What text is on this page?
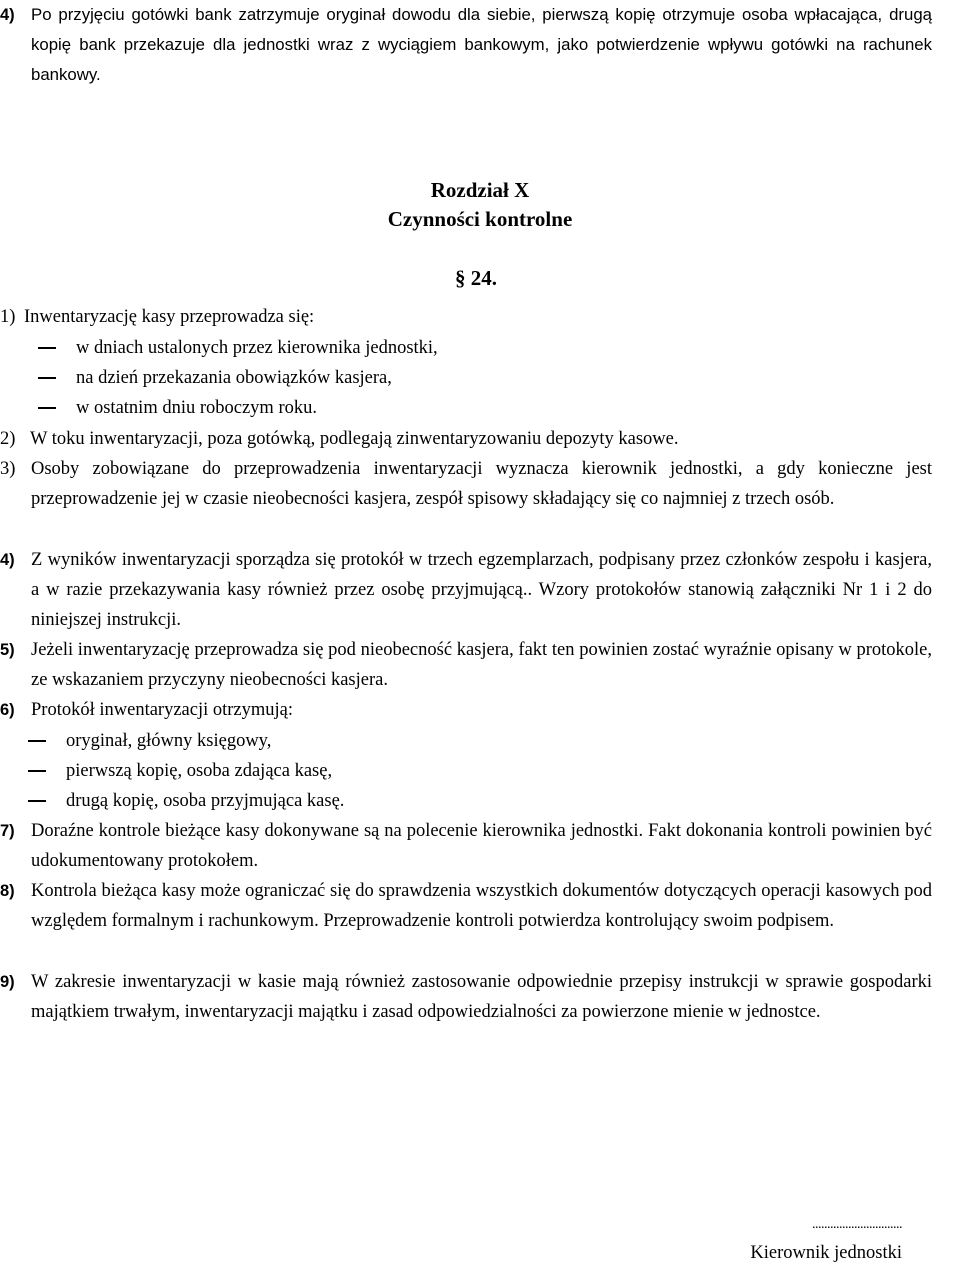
4) Po przyjęciu gotówki bank zatrzymuje oryginał dowodu dla siebie, pierwszą kopię otrzymuje osoba wpłacająca, drugą kopię bank przekazuje dla jednostki wraz z wyciągiem bankowym, jako potwierdzenie wpływu gotówki na rachunek bankowy.
Rozdział X
Czynności kontrolne
§ 24.
1) Inwentaryzację kasy przeprowadza się:
w dniach ustalonych przez kierownika jednostki,
na dzień przekazania obowiązków kasjera,
w ostatnim dniu roboczym roku.
2) W toku inwentaryzacji, poza gotówką, podlegają zinwentaryzowaniu depozyty kasowe.
3) Osoby zobowiązane do przeprowadzenia inwentaryzacji wyznacza kierownik jednostki, a gdy konieczne jest przeprowadzenie jej w czasie nieobecności kasjera, zespół spisowy składający się co najmniej z trzech osób.
4) Z wyników inwentaryzacji sporządza się protokół w trzech egzemplarzach, podpisany przez członków zespołu i kasjera, a w razie przekazywania kasy również przez osobę przyjmującą.. Wzory protokołów stanowią załączniki Nr 1 i 2 do niniejszej instrukcji.
5) Jeżeli inwentaryzację przeprowadza się pod nieobecność kasjera, fakt ten powinien zostać wyraźnie opisany w protokole, ze wskazaniem przyczyny nieobecności kasjera.
6) Protokół inwentaryzacji otrzymują:
oryginał, główny księgowy,
pierwszą kopię, osoba zdająca kasę,
drugą kopię, osoba przyjmująca kasę.
7) Doraźne kontrole bieżące kasy dokonywane są na polecenie kierownika jednostki. Fakt dokonania kontroli powinien być udokumentowany protokołem.
8) Kontrola bieżąca kasy może ograniczać się do sprawdzenia wszystkich dokumentów dotyczących operacji kasowych pod względem formalnym i rachunkowym. Przeprowadzenie kontroli potwierdza kontrolujący swoim podpisem.
9) W zakresie inwentaryzacji w kasie mają również zastosowanie odpowiednie przepisy instrukcji w sprawie gospodarki majątkiem trwałym, inwentaryzacji majątku i zasad odpowiedzialności za powierzone mienie w jednostce.
..............................
Kierownik jednostki
